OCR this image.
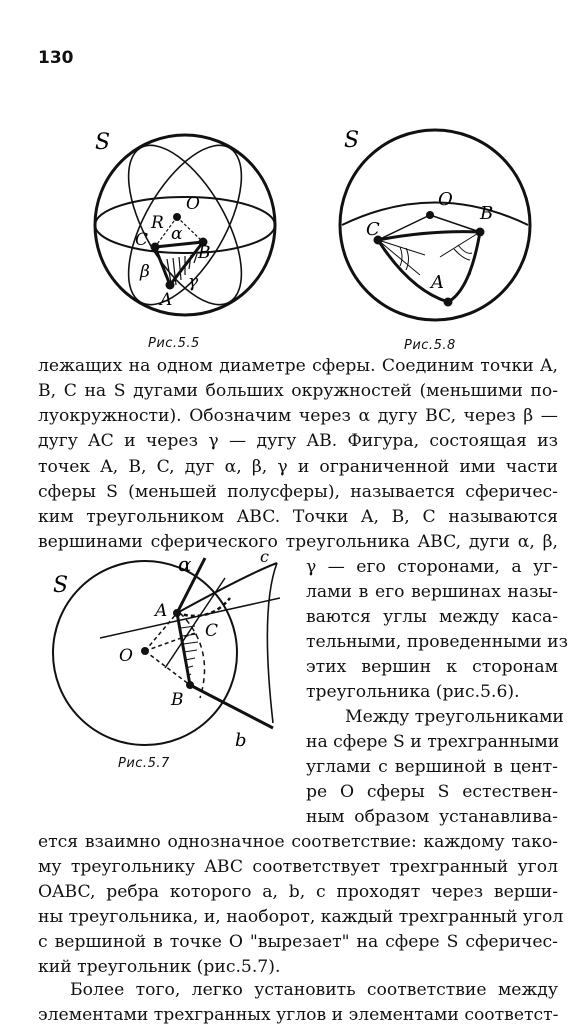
130
S
O
R
C
B
A
α
β γ
Рис.5.5
S
O
B
C
A
Рис.5.8
S
α	c
A
C
O
B
b
Рис.5.7
лежащих на одном диаметре сферы. Соединим точки A,
B, C на S дугами больших окружностей (меньшими по-
луокружности). Обозначим через α дугу BC, через β —
дугу AC и через γ — дугу AB. Фигура, состоящая из
точек A, B, C, дуг α, β, γ и ограниченной ими части
сферы S (меньшей полусферы), называется сферичес-
ким треугольником ABC. Точки A, B, C называются
вершинами сферического треугольника ABC, дуги α, β,
γ — его сторонами, а уг-
лами в его вершинах назы-
ваются углы между каса-
тельными, проведенными из
этих вершин к сторонам
треугольника (рис.5.6).
Между треугольниками
на сфере S и трехгранными
углами с вершиной в цент-
ре O сферы S естествен-
ным образом устанавлива-
ется взаимно однозначное соответствие: каждому тако-
му треугольнику ABC соответствует трехгранный угол
OABC, ребра которого a, b, c проходят через верши-
ны треугольника, и, наоборот, каждый трехгранный угол
с вершиной в точке O "вырезает" на сфере S сферичес-
кий треугольник (рис.5.7).
Более того, легко установить соответствие между
элементами трехгранных углов и элементами соответст-
